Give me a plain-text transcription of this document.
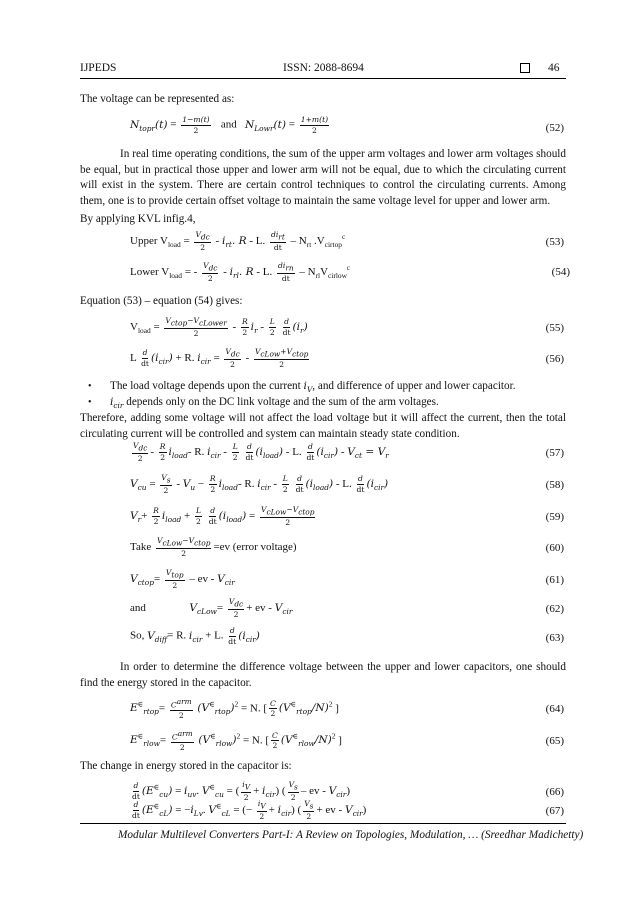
IJPEDS	ISSN: 2088-8694	46
The voltage can be represented as:
$N_{topr}(t) = \frac{1-m(t)}{2}$ and $N_{Lowr}(t) = \frac{1+m(t)}{2}$	(52)
In real time operating conditions, the sum of the upper arm voltages and lower arm voltages should be equal, but in practical those upper and lower arm will not be equal, due to which the circulating current will exist in the system. There are certain control techniques to control the circulating currents. Among them, one is to provide certain offset voltage to maintain the same voltage level for upper and lower arm.
By applying KVL infig.4,
Upper $V_{load} = \frac{V_{dc}}{2} - i_{rt}$. R - L. $\frac{di_{rt}}{dt} - N_{rt}$ $.V_{cirtop}^c$	(53)
Lower $V_{load}$ = - $\frac{V_{dc}}{2} - i_{rl}$. R - L. $\frac{di_{rn}}{dt} - N_{rl}V_{cirlow}^c$	(54)
Equation (53) – equation (54) gives:
$V_{load} = \frac{V_{ctop}-V_{cLower}}{2} - \frac{R}{2} i_r - \frac{L}{2}$
$\frac{d}{dt} (i_r)$	(55)
L $\frac{d}{dt} (i_{cir}) + R$. $i_{cir} = \frac{V_{dc}}{2} - \frac{V_{cLow}+V_{ctop}}{2}$	(56)
• The load voltage depends upon the current $i_V$, and difference of upper and lower capacitor.
• $i_{cir}$ depends only on the DC link voltage and the sum of the arm voltages.
Therefore, adding some voltage will not affect the load voltage but it will affect the current, then the total circulating current will be controlled and system can maintain steady state condition.
$\frac{V_{dc}}{2} - \frac{R}{2} i_{load}-$ R. $i_{cir} - \frac{L}{2}$
$\frac{d}{dt} (i_{load})$ - L. $\frac{d}{dt} (i_{cir}) - V_{ct} = V_r$	(57)
$V_{cu} = \frac{V_s}{2} - V_u - \frac{R}{2} i_{load}-$ R. $i_{cir} - \frac{L}{2}$
$\frac{d}{dt} (i_{load})$ - L. $\frac{d}{dt} (i_{cir})$	(58)
$V_r+ \frac{R}{2} i_{load} + \frac{L}{2}$
$\frac{d}{dt} (i_{load}) = \frac{V_{cLow}-V_{ctop}}{2}$	(59)
Take $\frac{V_{cLow}-V_{ctop}}{2} =ev$ (error voltage)	(60)
$V_{ctop}= \frac{V_{top}}{2}$ – ev - $V_{cir}$	(61)
and	$V_{cLow}= \frac{V_{dc}}{2}$ + ev - $V_{cir}$	(62)
So, $V_{diff}= R$. $i_{cir} + L$. $\frac{d}{dt} (i_{cir})$	(63)
In order to determine the difference voltage between the upper and lower capacitors, one should find the energy stored in the capacitor.
$E^\in_{rtop}= \frac{C^{arm}}{2} (V^\in_{rtop})^2 = N$. [ $\frac{C}{2} (V^\in_{rtop}/N)^2$ ]	(64)
$E^\in_{rlow}= \frac{C^{arm}}{2} (V^\in_{rlow})^2 = N$. [ $\frac{C}{2} (V^\in_{rlow}/N)^2$ ]	(65)
The change in energy stored in the capacitor is:
$\frac{d}{dt} (E^\in_{cu}) = i_{uv}$. $V^\in_{cu}$ = ( $\frac{i_V}{2} + i_{cir}$) ( $\frac{V_s}{2}$ – ev - $V_{cir}$)	(66)
$\frac{d}{dt} (E^\in_{cL}) = -i_{Lv}$. $V^\in_{cL}$ = (− $\frac{i_V}{2} + i_{cir}$) ( $\frac{V_s}{2}$ + ev - $V_{cir}$)	(67)
Modular Multilevel Converters Part-I: A Review on Topologies, Modulation, … (Sreedhar Madichetty)
